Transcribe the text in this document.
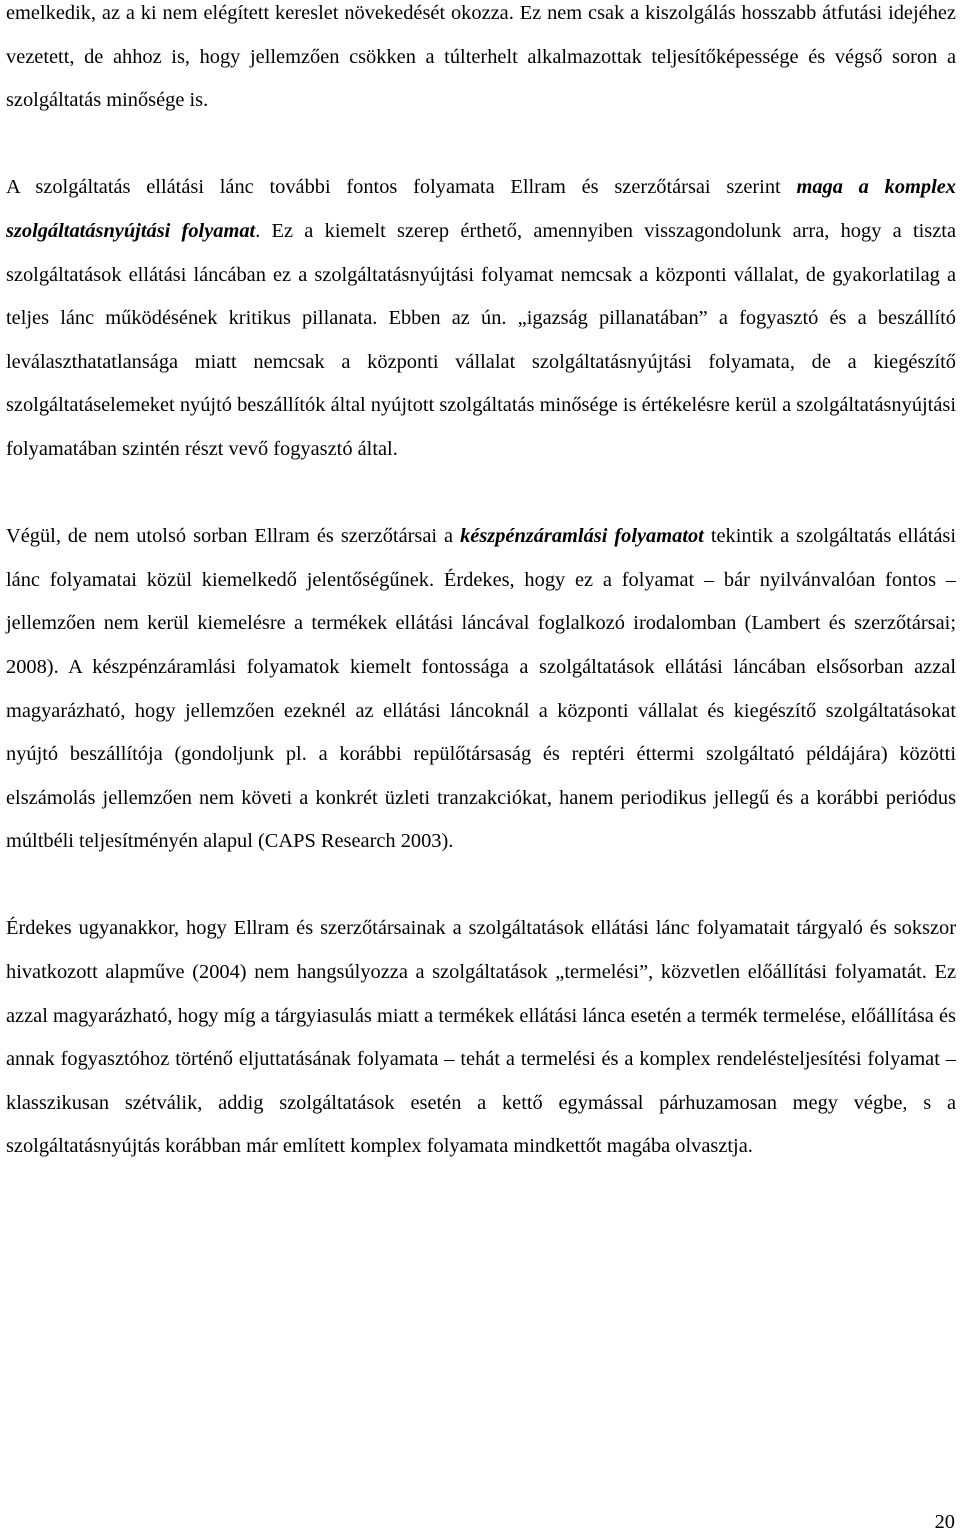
emelkedik, az a ki nem elégített kereslet növekedését okozza. Ez nem csak a kiszolgálás hosszabb átfutási idejéhez vezetett, de ahhoz is, hogy jellemzően csökken a túlterhelt alkalmazottak teljesítőképessége és végső soron a szolgáltatás minősége is.

A szolgáltatás ellátási lánc további fontos folyamata Ellram és szerzőtársai szerint maga a komplex szolgáltatásnyújtási folyamat. Ez a kiemelt szerep érthető, amennyiben visszagondolunk arra, hogy a tiszta szolgáltatások ellátási láncában ez a szolgáltatásnyújtási folyamat nemcsak a központi vállalat, de gyakorlatilag a teljes lánc működésének kritikus pillanata. Ebben az ún. „igazság pillanatában” a fogyasztó és a beszállító leválaszthatatlansága miatt nemcsak a központi vállalat szolgáltatásnyújtási folyamata, de a kiegészítő szolgáltatáselemeket nyújtó beszállítók által nyújtott szolgáltatás minősége is értékelésre kerül a szolgáltatásnyújtási folyamatában szintén részt vevő fogyasztó által.

Végül, de nem utolsó sorban Ellram és szerzőtársai a készpénzáramlási folyamatot tekintik a szolgáltatás ellátási lánc folyamatai közül kiemelkedő jelentőségűnek. Érdekes, hogy ez a folyamat – bár nyilvánvalóan fontos – jellemzően nem kerül kiemelésre a termékek ellátási láncával foglalkozó irodalomban (Lambert és szerzőtársai; 2008). A készpénzáramlási folyamatok kiemelt fontossága a szolgáltatások ellátási láncában elsősorban azzal magyarázható, hogy jellemzően ezeknél az ellátási láncoknál a központi vállalat és kiegészítő szolgáltatásokat nyújtó beszállítója (gondoljunk pl. a korábbi repülőtársaság és reptéri éttermi szolgáltató példájára) közötti elszámolás jellemzően nem követi a konkrét üzleti tranzakciókat, hanem periodikus jellegű és a korábbi periódus múltbéli teljesítményén alapul (CAPS Research 2003).

Érdekes ugyanakkor, hogy Ellram és szerzőtársainak a szolgáltatások ellátási lánc folyamatait tárgyaló és sokszor hivatkozott alapműve (2004) nem hangsúlyozza a szolgáltatások „termelési”, közvetlen előállítási folyamatát. Ez azzal magyarázható, hogy míg a tárgyiasulás miatt a termékek ellátási lánca esetén a termék termelése, előállítása és annak fogyasztóhoz történő eljuttatásának folyamata – tehát a termelési és a komplex rendelésteljesítési folyamat – klasszikusan szétválik, addig szolgáltatások esetén a kettő egymással párhuzamosan megy végbe, s a szolgáltatásnyújtás korábban már említett komplex folyamata mindkettőt magába olvasztja.

20
